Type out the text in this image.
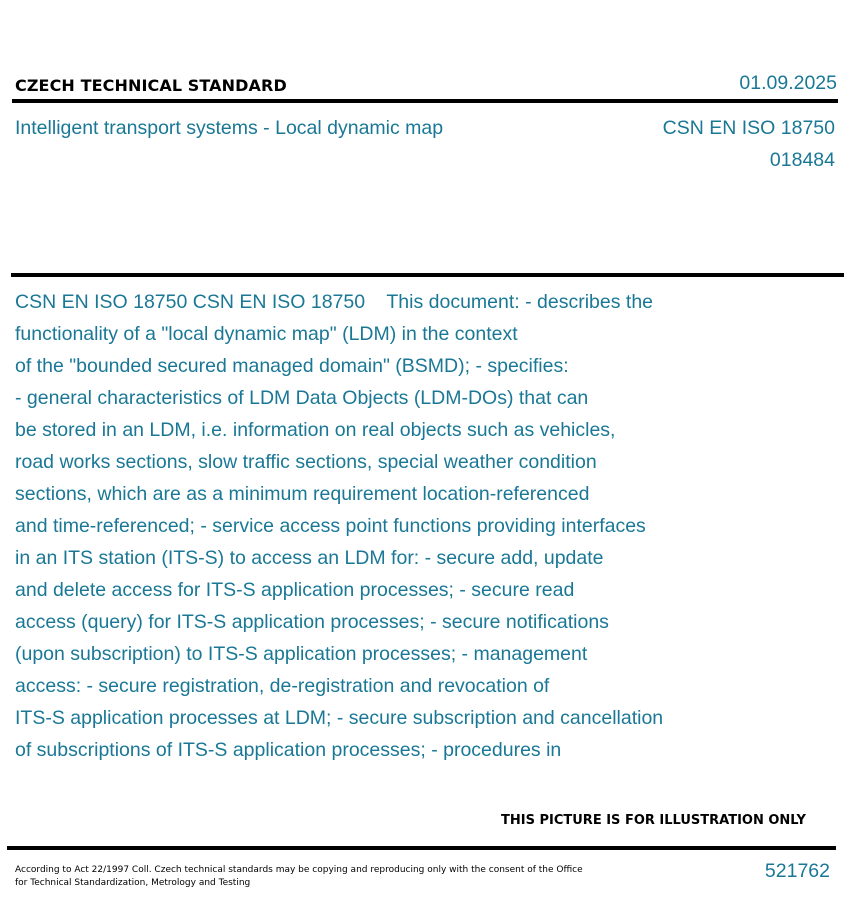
CZECH TECHNICAL STANDARD	01.09.2025
Intelligent transport systems - Local dynamic map	CSN EN ISO 18750
018484
CSN EN ISO 18750 CSN EN ISO 18750    This document: - describes the
functionality of a "local dynamic map" (LDM) in the context
of the "bounded secured managed domain" (BSMD); - specifies:
- general characteristics of LDM Data Objects (LDM-DOs) that can
be stored in an LDM, i.e. information on real objects such as vehicles,
road works sections, slow traffic sections, special weather condition
sections, which are as a minimum requirement location-referenced
and time-referenced; - service access point functions providing interfaces
in an ITS station (ITS-S) to access an LDM for: - secure add, update
and delete access for ITS-S application processes; - secure read
access (query) for ITS-S application processes; - secure notifications
(upon subscription) to ITS-S application processes; - management
access: - secure registration, de-registration and revocation of
ITS-S application processes at LDM; - secure subscription and cancellation
of subscriptions of ITS-S application processes; - procedures in
THIS PICTURE IS FOR ILLUSTRATION ONLY
According to Act 22/1997 Coll. Czech technical standards may be copying and reproducing only with the consent of the Office
for Technical Standardization, Metrology and Testing
521762
